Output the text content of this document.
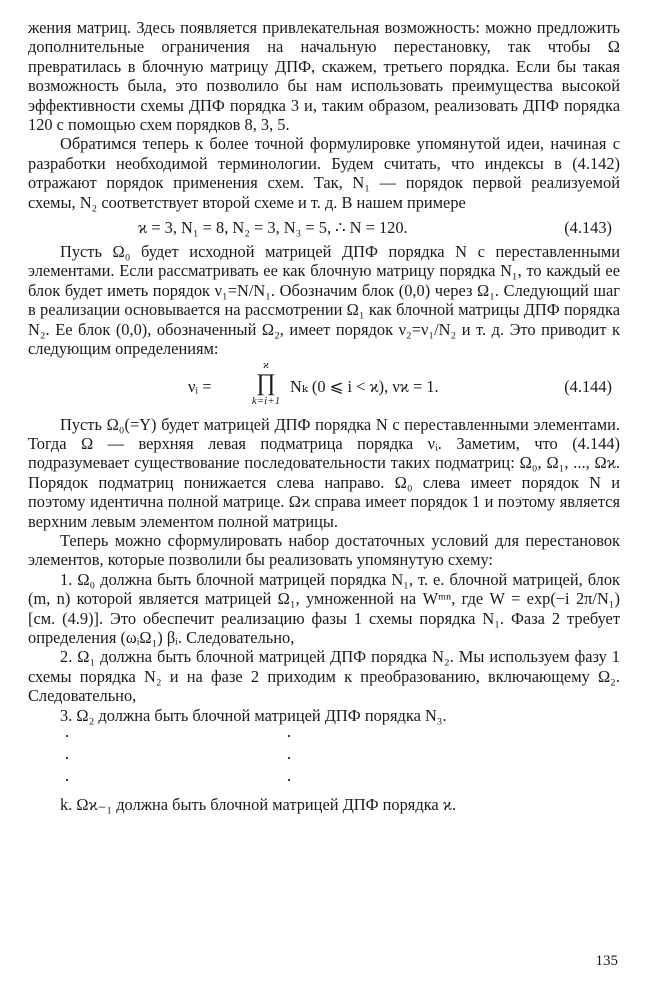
жения матриц. Здесь появляется привлекательная возможность: можно предложить дополнительные ограничения на начальную перестановку, так чтобы Ω превратилась в блочную матрицу ДПФ, скажем, третьего порядка. Если бы такая возможность была, это позволило бы нам использовать преимущества высокой эффективности схемы ДПФ порядка 3 и, таким образом, реализовать ДПФ порядка 120 с помощью схем порядков 8, 3, 5.

Обратимся теперь к более точной формулировке упомянутой идеи, начиная с разработки необходимой терминологии. Будем считать, что индексы в (4.142) отражают порядок применения схем. Так, N₁ — порядок первой реализуемой схемы, N₂ соответствует второй схеме и т. д. В нашем примере

ϰ = 3, N₁ = 8, N₂ = 3, N₃ = 5, ∴ N = 120.	(4.143)

Пусть Ω₀ будет исходной матрицей ДПФ порядка N с переставленными элементами. Если рассматривать ее как блочную матрицу порядка N₁, то каждый ее блок будет иметь порядок ν₁=N/N₁. Обозначим блок (0,0) через Ω₁. Следующий шаг в реализации основывается на рассмотрении Ω₁ как блочной матрицы ДПФ порядка N₂. Ее блок (0,0), обозначенный Ω₂, имеет порядок ν₂=ν₁/N₂ и т. д. Это приводит к следующим определениям:

νᵢ =
ϰ
∏
k=i+1
Nₖ (0 ⩽ i < ϰ), νϰ = 1.	(4.144)

Пусть Ω₀(=Y) будет матрицей ДПФ порядка N с переставленными элементами. Тогда Ω — верхняя левая подматрица порядка νᵢ. Заметим, что (4.144) подразумевает существование последовательности таких подматриц: Ω₀, Ω₁, ..., Ωϰ. Порядок подматриц понижается слева направо. Ω₀ слева имеет порядок N и поэтому идентична полной матрице. Ωϰ справа имеет порядок 1 и поэтому является верхним левым элементом полной матрицы.

Теперь можно сформулировать набор достаточных условий для перестановок элементов, которые позволили бы реализовать упомянутую схему:

1. Ω₀ должна быть блочной матрицей порядка N₁, т. е. блочной матрицей, блок (m, n) которой является матрицей Ω₁, умноженной на Wᵐⁿ, где W = exp(−i 2π/N₁) [см. (4.9)]. Это обеспечит реализацию фазы 1 схемы порядка N₁. Фаза 2 требует определения (ωᵢΩ₁) βᵢ. Следовательно,

2. Ω₁ должна быть блочной матрицей ДПФ порядка N₂. Мы используем фазу 1 схемы порядка N₂ и на фазе 2 приходим к преобразованию, включающему Ω₂. Следовательно,

3. Ω₂ должна быть блочной матрицей ДПФ порядка N₃.

·
·
·
·
·
·

k. Ωϰ₋₁ должна быть блочной матрицей ДПФ порядка ϰ.

135
